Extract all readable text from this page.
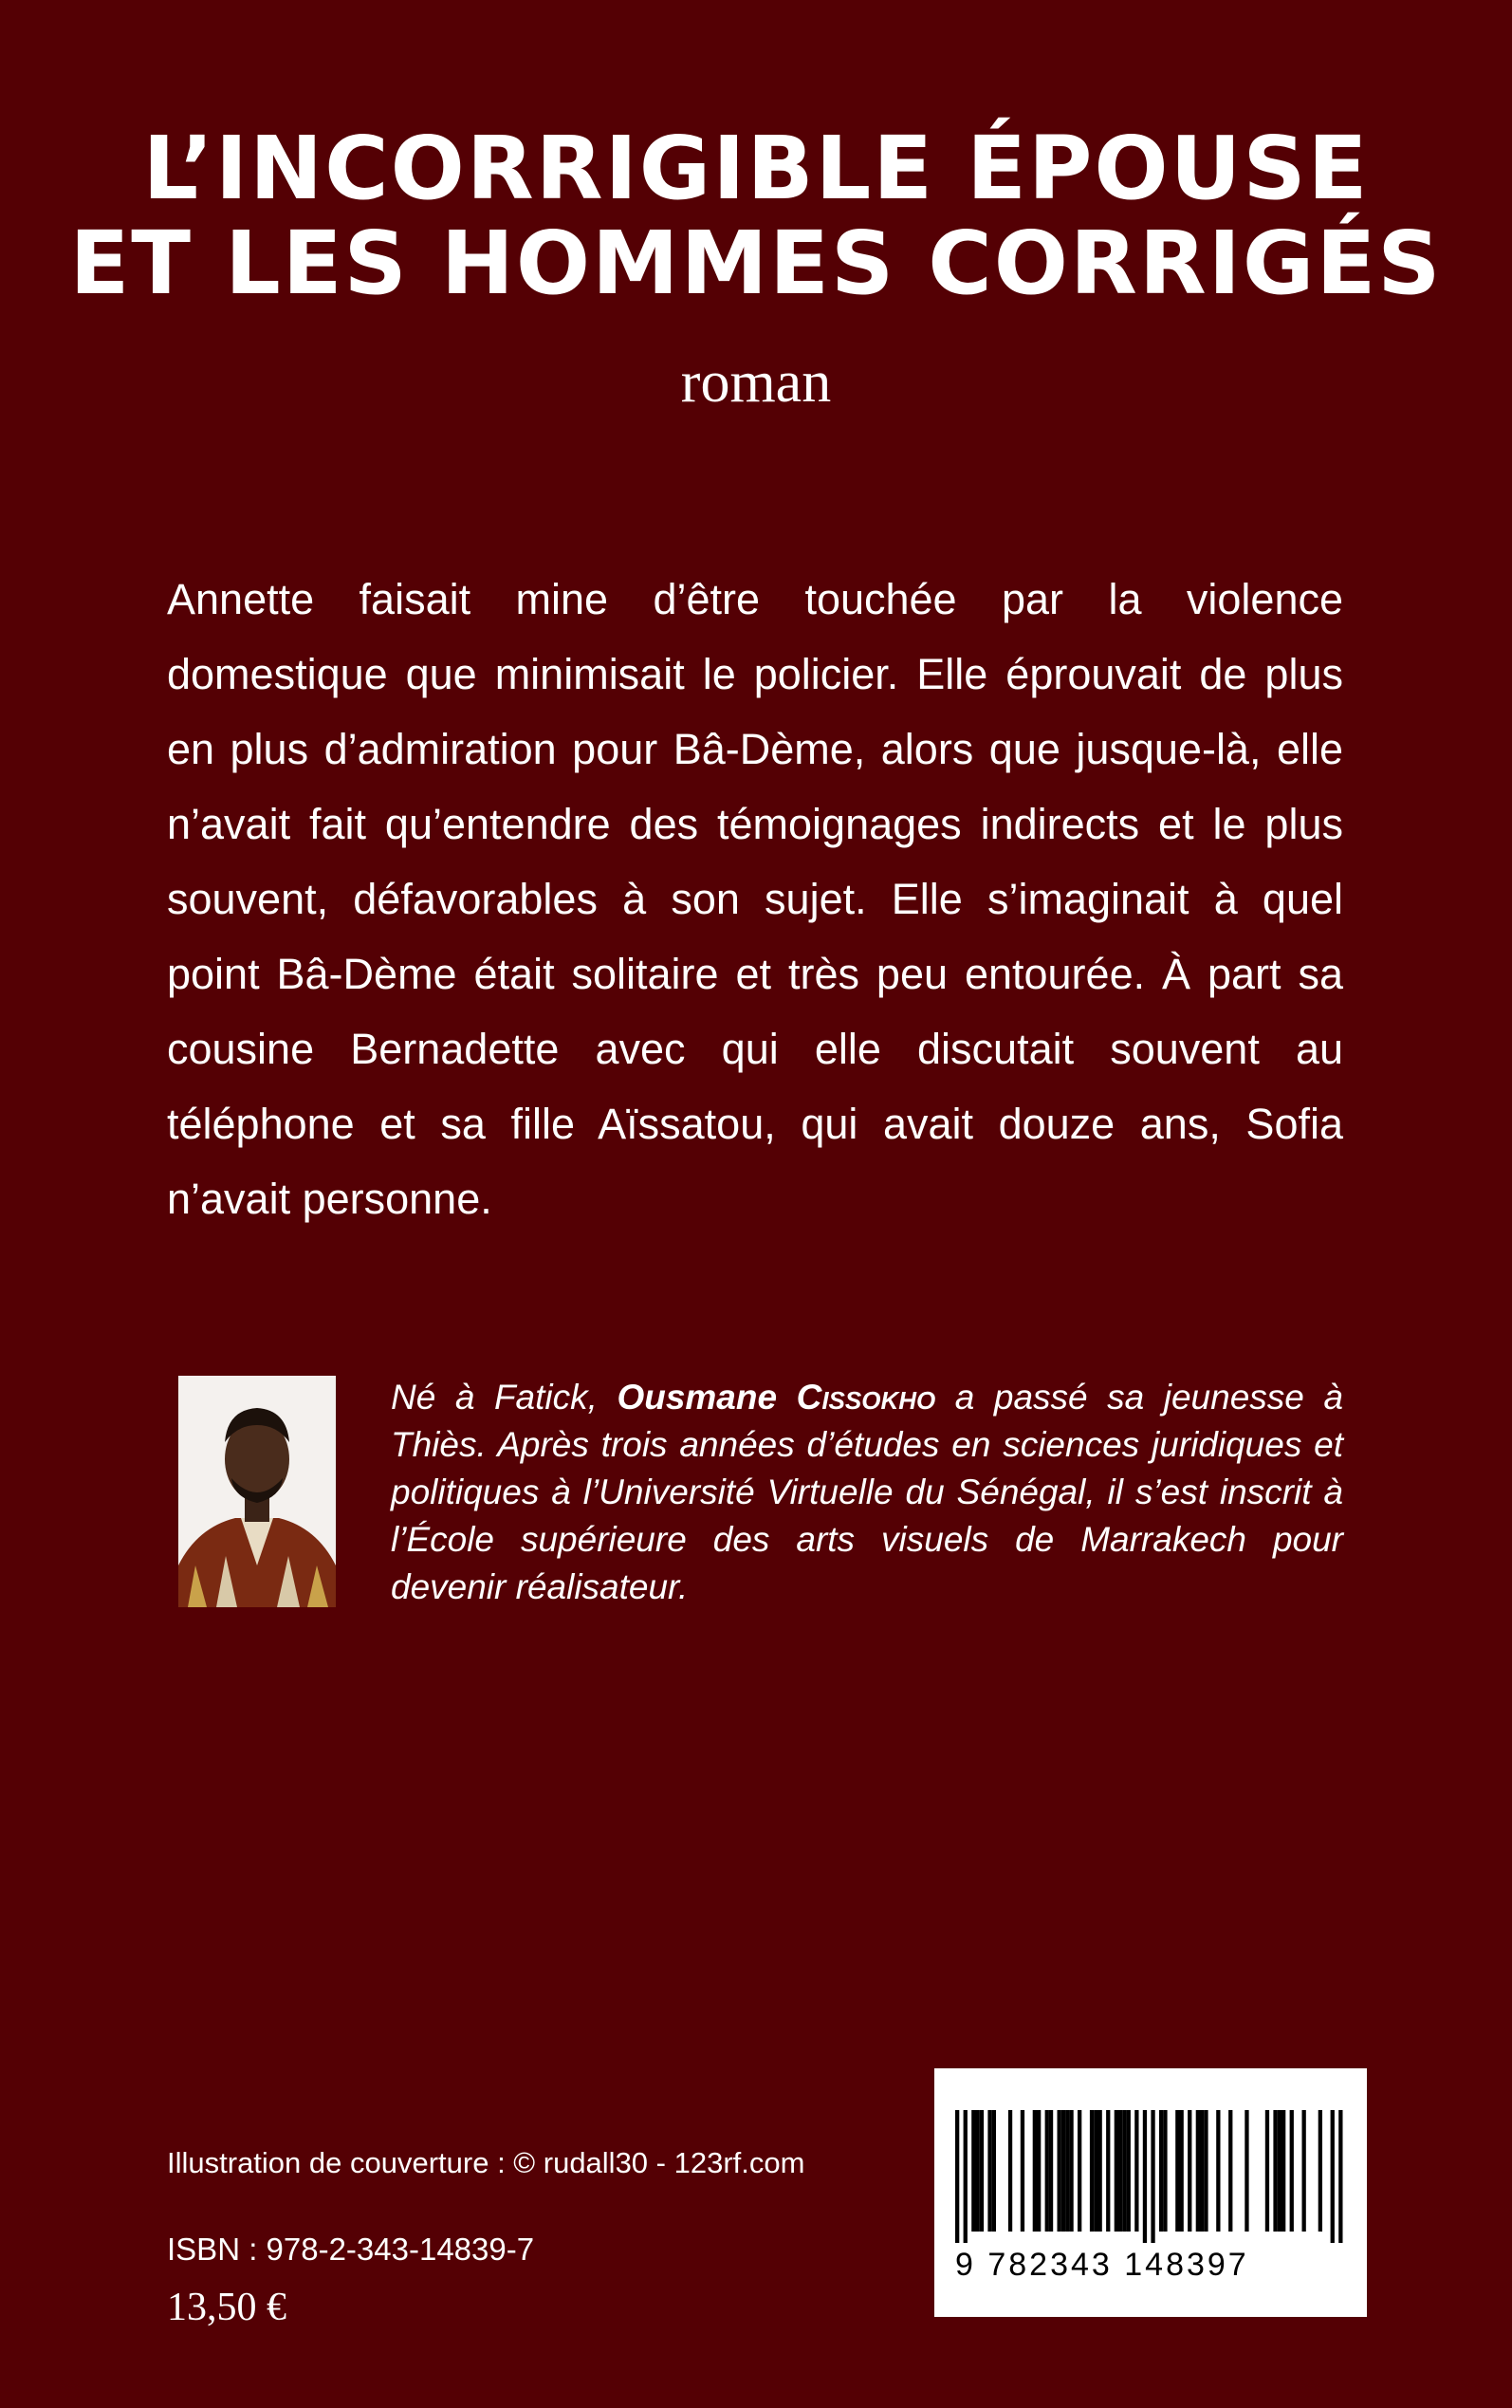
L’INCORRIGIBLE ÉPOUSE
ET LES HOMMES CORRIGÉS
roman
Annette faisait mine d’être touchée par la violence domestique que minimisait le policier. Elle éprouvait de plus en plus d’admiration pour Bâ-Dème, alors que jusque-là, elle n’avait fait qu’entendre des témoignages indirects et le plus souvent, défavorables à son sujet. Elle s’imaginait à quel point Bâ-Dème était solitaire et très peu entourée. À part sa cousine Bernadette avec qui elle discutait souvent au téléphone et sa fille Aïssatou, qui avait douze ans, Sofia n’avait personne.
Né à Fatick, Ousmane Cissokho a passé sa jeunesse à Thiès. Après trois années d’études en sciences juridiques et politiques à l’Université Virtuelle du Sénégal, il s’est inscrit à l’École supérieure des arts visuels de Marrakech pour devenir réalisateur.
Illustration de couverture : © rudall30 - 123rf.com
ISBN : 978-2-343-14839-7
13,50 €
9 782343 148397
